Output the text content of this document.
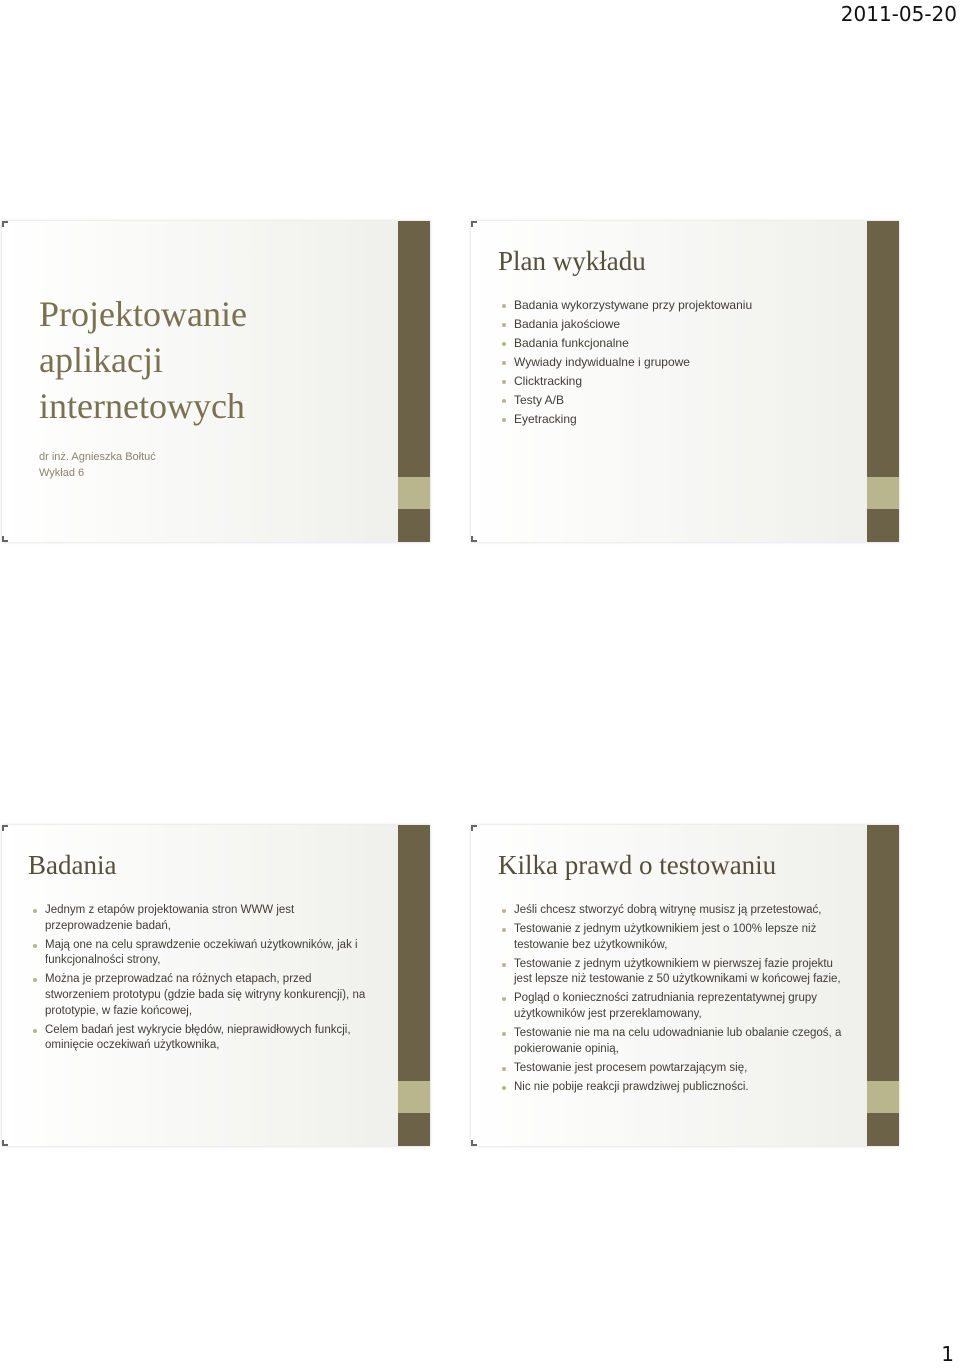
2011-05-20
Projektowanie
aplikacji
internetowych
dr inż. Agnieszka Bołtuć
Wykład 6
Plan wykładu
Badania wykorzystywane przy projektowaniu
Badania jakościowe
Badania funkcjonalne
Wywiady indywidualne i grupowe
Clicktracking
Testy A/B
Eyetracking
Badania
Jednym z etapów projektowania stron WWW jest przeprowadzenie badań,
Mają one na celu sprawdzenie oczekiwań użytkowników, jak i funkcjonalności strony,
Można je przeprowadzać na różnych etapach, przed stworzeniem prototypu (gdzie bada się witryny konkurencji), na prototypie, w fazie końcowej,
Celem badań jest wykrycie błędów, nieprawidłowych funkcji, ominięcie oczekiwań użytkownika,
Kilka prawd o testowaniu
Jeśli chcesz stworzyć dobrą witrynę musisz ją przetestować,
Testowanie z jednym użytkownikiem jest o 100% lepsze niż testowanie bez użytkowników,
Testowanie z jednym użytkownikiem w pierwszej fazie projektu jest lepsze niż testowanie z 50 użytkownikami w końcowej fazie,
Pogląd o konieczności zatrudniania reprezentatywnej grupy użytkowników jest przereklamowany,
Testowanie nie ma na celu udowadnianie lub obalanie czegoś, a pokierowanie opinią,
Testowanie jest procesem powtarzającym się,
Nic nie pobije reakcji prawdziwej publiczności.
1
